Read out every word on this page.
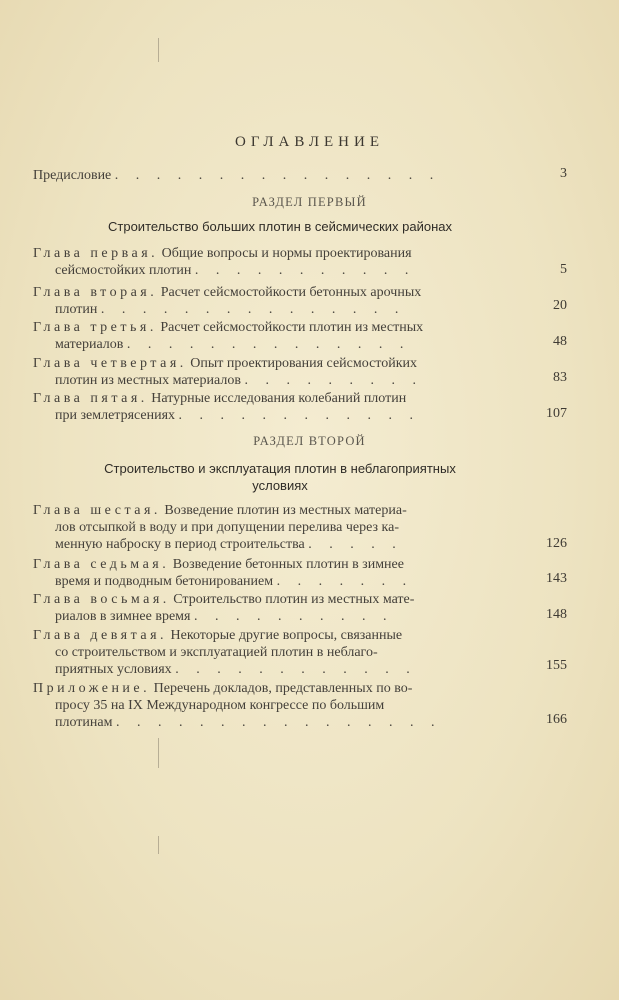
ОГЛАВЛЕНИЕ
Предисловие . . . . . . . . . . . . . . . .	3
РАЗДЕЛ ПЕРВЫЙ
Строительство больших плотин в сейсмических районах
Глава первая. Общие вопросы и нормы проектирования
сейсмостойких плотин . . . . . . . . . . .	5
Глава вторая. Расчет сейсмостойкости бетонных арочных
плотин . . . . . . . . . . . . . . .	20
Глава третья. Расчет сейсмостойкости плотин из местных
материалов . . . . . . . . . . . . . .	48
Глава четвертая. Опыт проектирования сейсмостойких
плотин из местных материалов . . . . . . . . .	83
Глава пятая. Натурные исследования колебаний плотин
при землетрясениях . . . . . . . . . . . .	107
РАЗДЕЛ ВТОРОЙ
Строительство и эксплуатация плотин в неблагоприятных
условиях
Глава шестая. Возведение плотин из местных материа-
лов отсыпкой в воду и при допущении перелива через ка-
менную наброску в период строительства . . . . .	126
Глава седьмая. Возведение бетонных плотин в зимнее
время и подводным бетонированием . . . . . . .	143
Глава восьмая. Строительство плотин из местных мате-
риалов в зимнее время . . . . . . . . . .	148
Глава девятая. Некоторые другие вопросы, связанные
со строительством и эксплуатацией плотин в неблаго-
приятных условиях . . . . . . . . . . . .	155
Приложение. Перечень докладов, представленных по во-
просу 35 на IX Международном конгрессе по большим
плотинам . . . . . . . . . . . . . . . .	166
